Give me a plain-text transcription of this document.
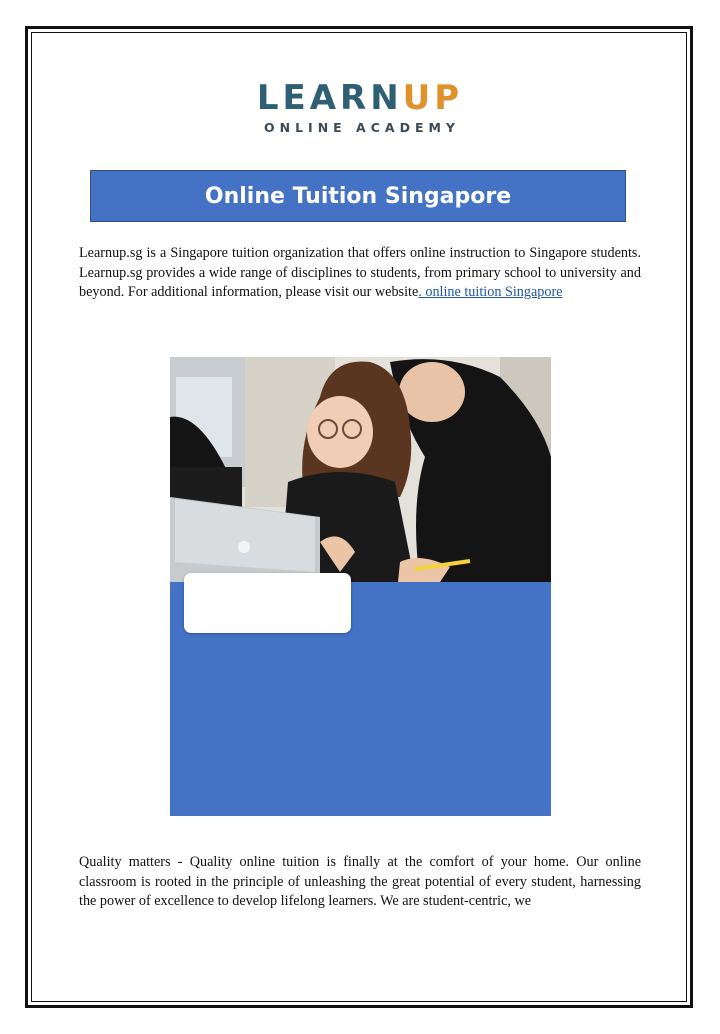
LEARNUP
ONLINE ACADEMY
Online Tuition Singapore

Learnup.sg is a Singapore tuition organization that offers online instruction to Singapore students. Learnup.sg provides a wide range of disciplines to students, from primary school to university and beyond. For additional information, please visit our website. online tuition Singapore

Quality matters - Quality online tuition is finally at the comfort of your home. Our online classroom is rooted in the principle of unleashing the great potential of every student, harnessing the power of excellence to develop lifelong learners. We are student-centric, we
